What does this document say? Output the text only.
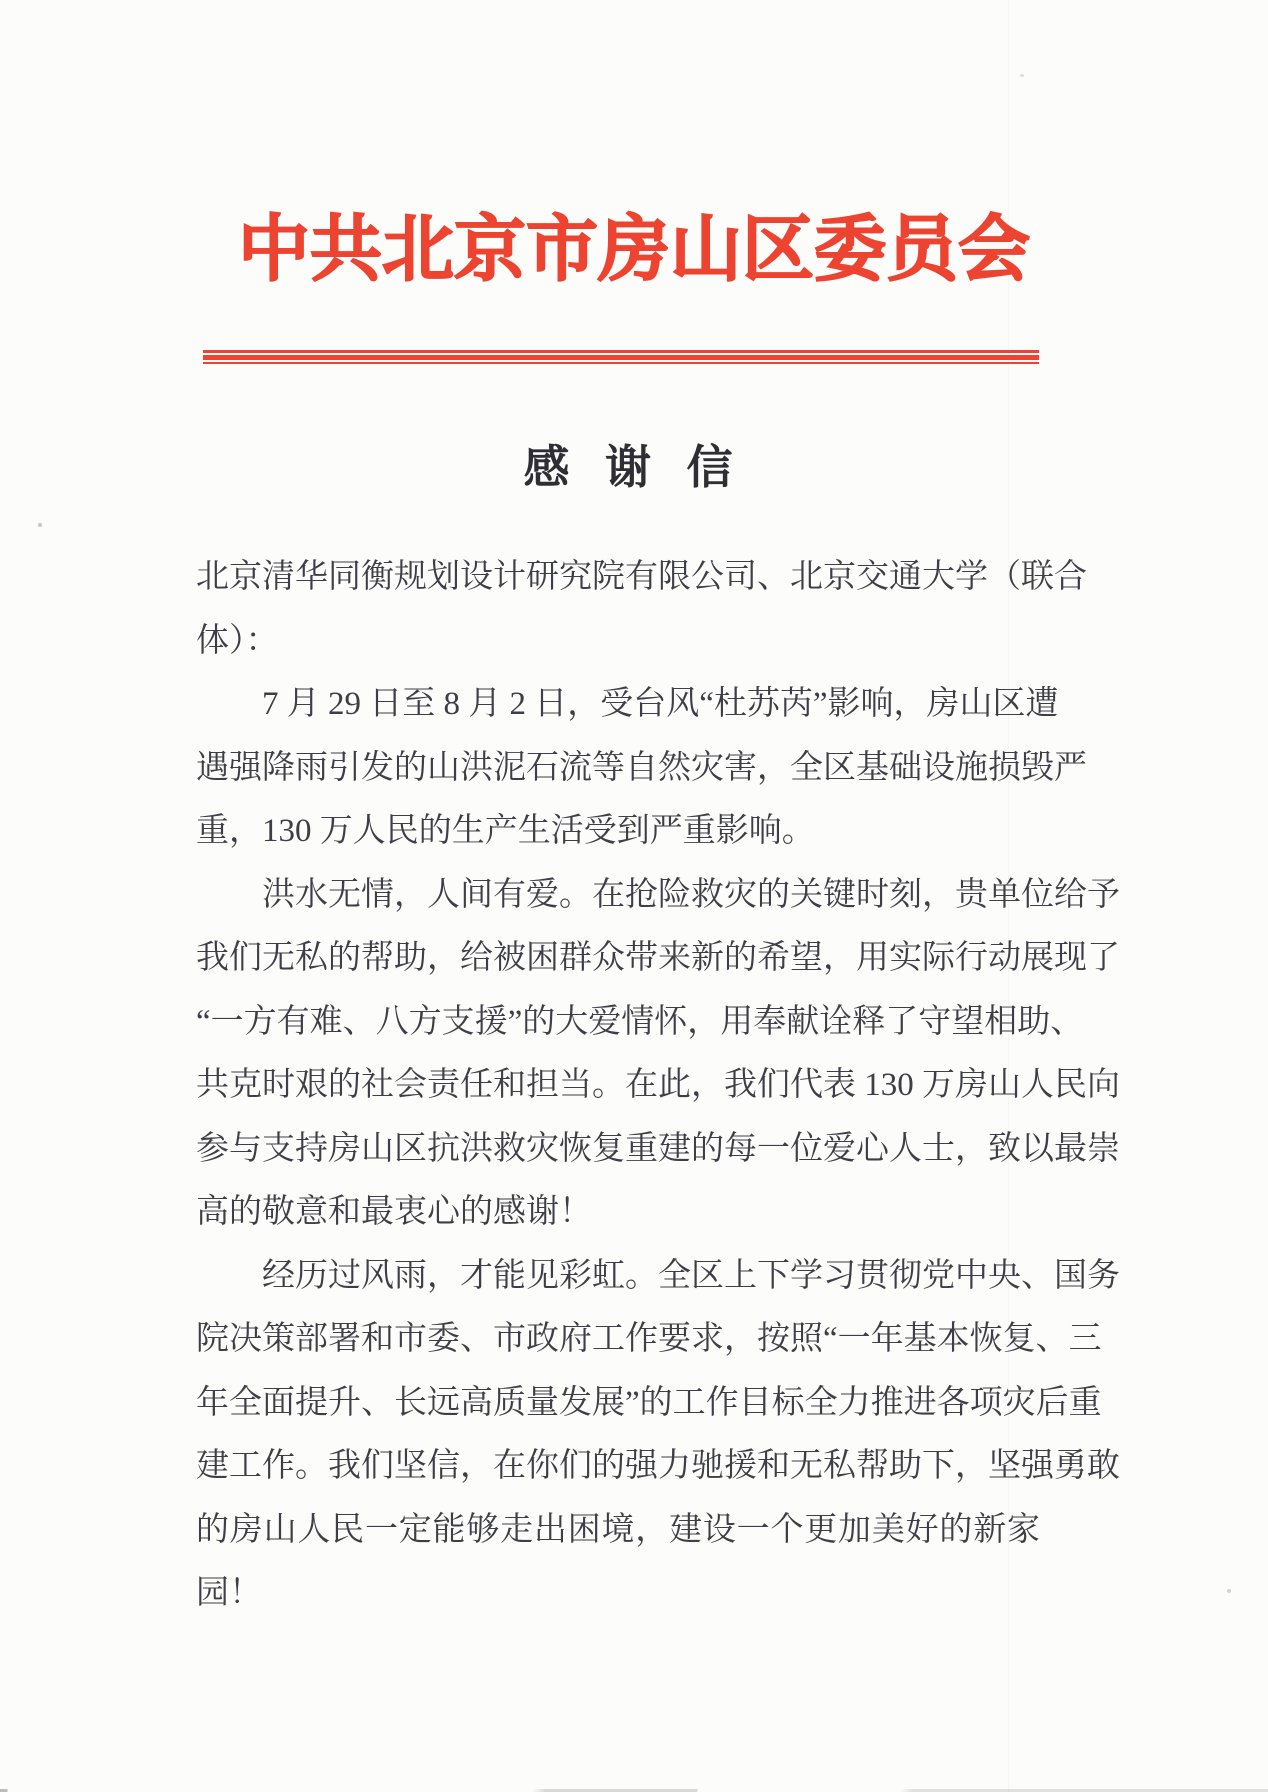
中共北京市房山区委员会
感 谢 信
北京清华同衡规划设计研究院有限公司、北京交通大学（联合
体）：
7 月 29 日至 8 月 2 日，受台风“杜苏芮”影响，房山区遭
遇强降雨引发的山洪泥石流等自然灾害，全区基础设施损毁严
重，130 万人民的生产生活受到严重影响。
洪水无情，人间有爱。在抢险救灾的关键时刻，贵单位给予
我们无私的帮助，给被困群众带来新的希望，用实际行动展现了
“一方有难、八方支援”的大爱情怀，用奉献诠释了守望相助、
共克时艰的社会责任和担当。在此，我们代表 130 万房山人民向
参与支持房山区抗洪救灾恢复重建的每一位爱心人士，致以最崇
高的敬意和最衷心的感谢！
经历过风雨，才能见彩虹。全区上下学习贯彻党中央、国务
院决策部署和市委、市政府工作要求，按照“一年基本恢复、三
年全面提升、长远高质量发展”的工作目标全力推进各项灾后重
建工作。我们坚信，在你们的强力驰援和无私帮助下，坚强勇敢
的房山人民一定能够走出困境，建设一个更加美好的新家园！
